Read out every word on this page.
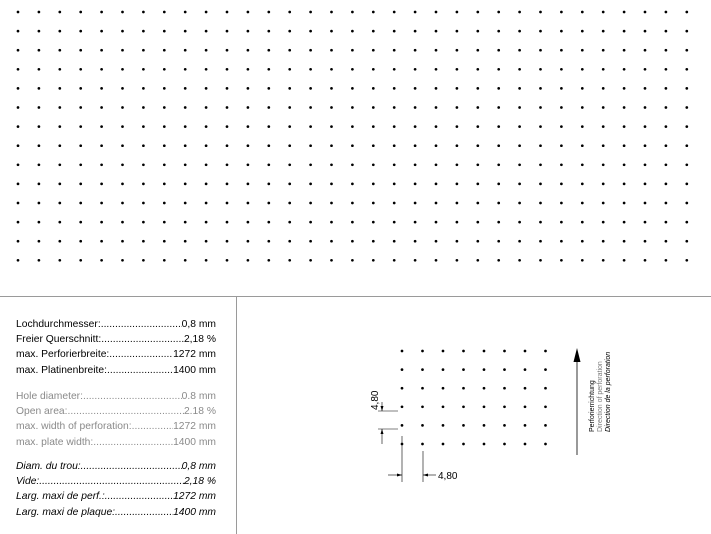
Lochdurchmesser: .....	0,8 mm
Freier Querschnitt: .....	2,18 %
max. Perforierbreite: .....	1272 mm
max. Platinenbreite: .....	1400 mm
Hole diameter: .....	0.8 mm
Open area: .....	2.18 %
max. width of perforation: .....	1272 mm
max. plate width: .....	1400 mm
Diam. du trou: .....	0,8 mm
Vide: .....	2,18 %
Larg. maxi de perf.: .....	1272 mm
Larg. maxi de plaque: .....	1400 mm
4,80
4,80
Perforierrichtung Direction of perforation Direction de la perforation
